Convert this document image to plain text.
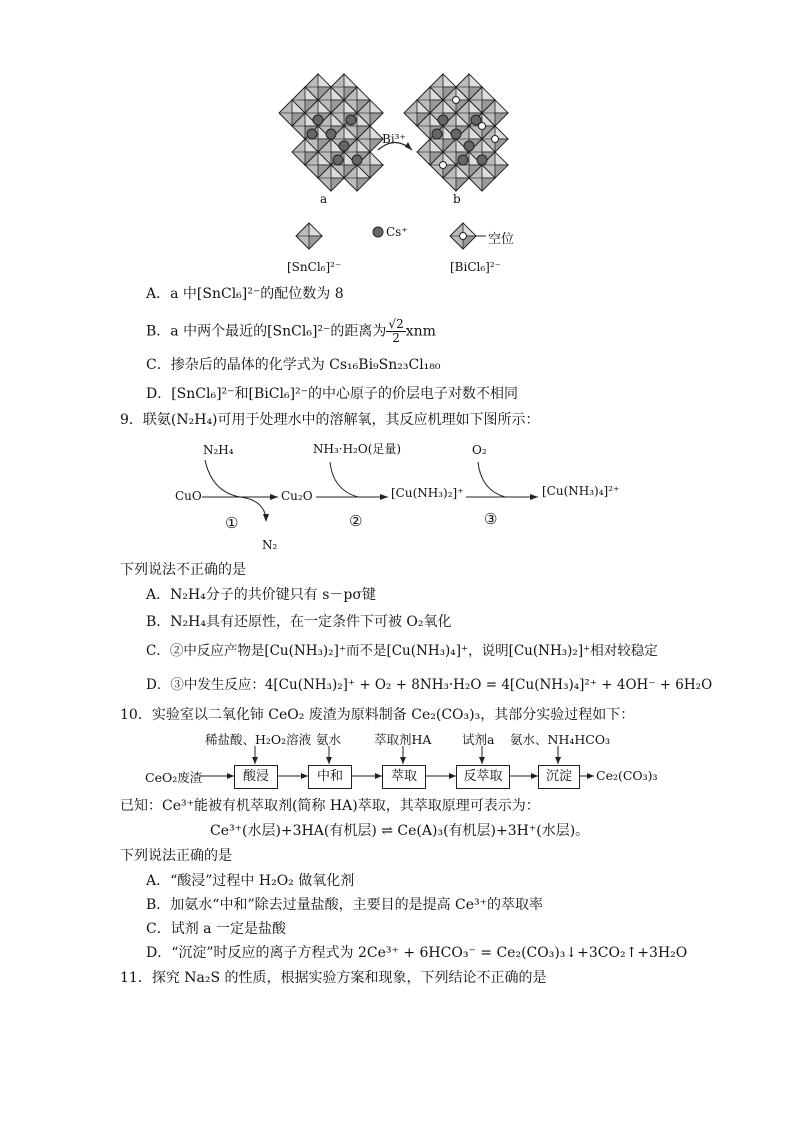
a	b
Bi³⁺
[SnCl₆]²⁻
Cs⁺
[BiCl₆]²⁻
空位
A．a 中[SnCl₆]²⁻的配位数为 8
B．a 中两个最近的[SnCl₆]²⁻的距离为 $\frac{√2}{2}$ xnm
C．掺杂后的晶体的化学式为 Cs₁₆Bi₉Sn₂₃Cl₁₈₀
D．[SnCl₆]²⁻和[BiCl₆]²⁻的中心原子的价层电子对数不相同
9．联氨(N₂H₄)可用于处理水中的溶解氧，其反应机理如下图所示：
CuO
N₂H₄
N₂
Cu₂O
NH₃·H₂O(足量)
[Cu(NH₃)₂]⁺
O₂
[Cu(NH₃)₄]²⁺
①	②	③
下列说法不正确的是
A．N₂H₄分子的共价键只有 s－pσ键
B．N₂H₄具有还原性，在一定条件下可被 O₂氧化
C．②中反应产物是[Cu(NH₃)₂]⁺而不是[Cu(NH₃)₄]⁺，说明[Cu(NH₃)₂]⁺相对较稳定
D．③中发生反应：4[Cu(NH₃)₂]⁺ + O₂ + 8NH₃·H₂O = 4[Cu(NH₃)₄]²⁺ + 4OH⁻ + 6H₂O
10．实验室以二氧化铈 CeO₂ 废渣为原料制备 Ce₂(CO₃)₃，其部分实验过程如下：
稀盐酸、H₂O₂溶液 氨水	萃取剂HA 试剂a 氨水、NH₄HCO₃
CeO₂废渣	酸浸	中和	萃取	反萃取	沉淀	Ce₂(CO₃)₃
已知：Ce³⁺能被有机萃取剂(简称 HA)萃取，其萃取原理可表示为：
Ce³⁺(水层)+3HA(有机层) ⇌ Ce(A)₃(有机层)+3H⁺(水层)。
下列说法正确的是
A．“酸浸”过程中 H₂O₂ 做氧化剂
B．加氨水“中和”除去过量盐酸，主要目的是提高 Ce³⁺的萃取率
C．试剂 a 一定是盐酸
D．“沉淀”时反应的离子方程式为 2Ce³⁺ + 6HCO₃⁻ = Ce₂(CO₃)₃↓+3CO₂↑+3H₂O
11．探究 Na₂S 的性质，根据实验方案和现象，下列结论不正确的是
